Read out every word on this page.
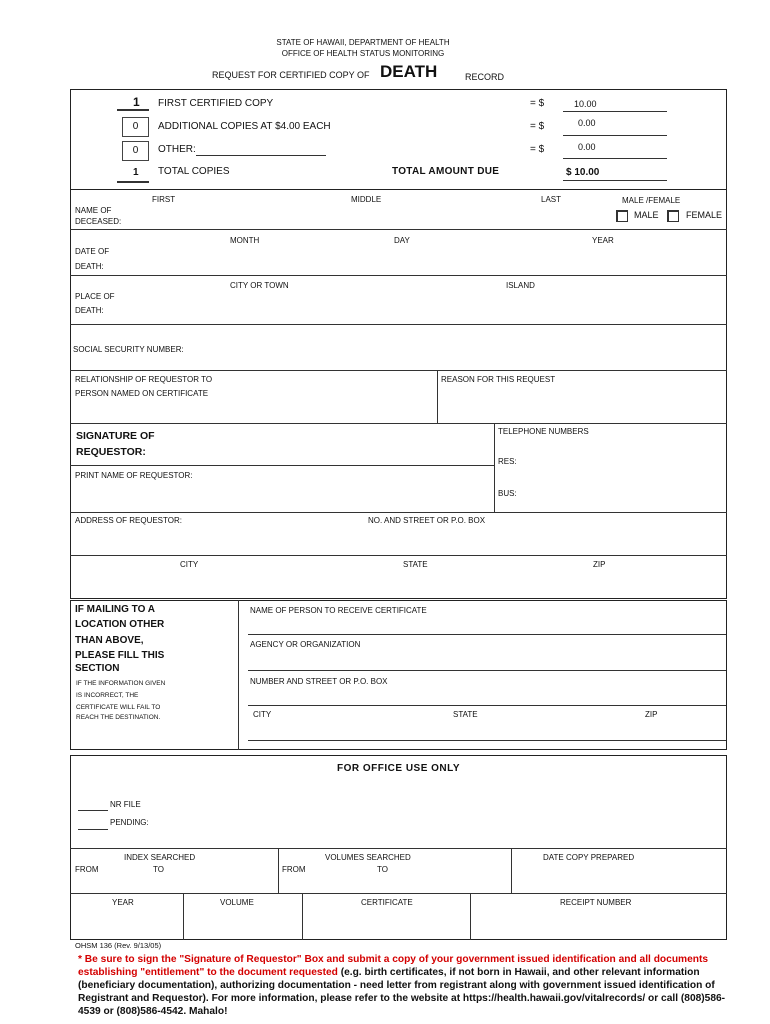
STATE OF HAWAII, DEPARTMENT OF HEALTH
OFFICE OF HEALTH STATUS MONITORING
REQUEST FOR CERTIFIED COPY OF DEATH	RECORD
1 FIRST CERTIFIED COPY	= $	10.00
0	ADDITIONAL COPIES AT $4.00 EACH	= $	0.00
0	OTHER:	= $	0.00
1 TOTAL COPIES	TOTAL AMOUNT DUE	$ 10.00
FIRST	MIDDLE	LAST	MALE /FEMALE
NAME OF
DECEASED:
MALE	FEMALE
MONTH	DAY	YEAR
DATE OF
DEATH:
CITY OR TOWN	ISLAND
PLACE OF
DEATH:
SOCIAL SECURITY NUMBER:
RELATIONSHIP OF REQUESTOR TO
PERSON NAMED ON CERTIFICATE
REASON FOR THIS REQUEST
SIGNATURE OF
REQUESTOR:
PRINT NAME OF REQUESTOR:
TELEPHONE NUMBERS
RES:
BUS:
ADDRESS OF REQUESTOR:	NO. AND STREET OR P.O. BOX
CITY	STATE	ZIP
IF MAILING TO A
LOCATION OTHER
THAN ABOVE,
PLEASE FILL THIS
SECTION
IF THE INFORMATION GIVEN
IS INCORRECT, THE
CERTIFICATE WILL FAIL TO
REACH THE DESTINATION.
NAME OF PERSON TO RECEIVE CERTIFICATE
AGENCY OR ORGANIZATION
NUMBER AND STREET OR P.O. BOX
CITY	STATE	ZIP
FOR OFFICE USE ONLY
NR FILE
PENDING:
INDEX SEARCHED
FROM	TO
VOLUMES SEARCHED
FROM	TO
DATE COPY PREPARED
YEAR	VOLUME	CERTIFICATE	RECEIPT NUMBER
OHSM 136 (Rev. 9/13/05)
* Be sure to sign the "Signature of Requestor" Box and submit a copy of your government issued identification and all documents establishing "entitlement" to the document requested (e.g. birth certificates, if not born in Hawaii, and other relevant information (beneficiary documentation), authorizing documentation - need letter from registrant along with government issued identification of Registrant and Requestor). For more information, please refer to the website at https://health.hawaii.gov/vitalrecords/ or call (808)586-4539 or (808)586-4542. Mahalo!
